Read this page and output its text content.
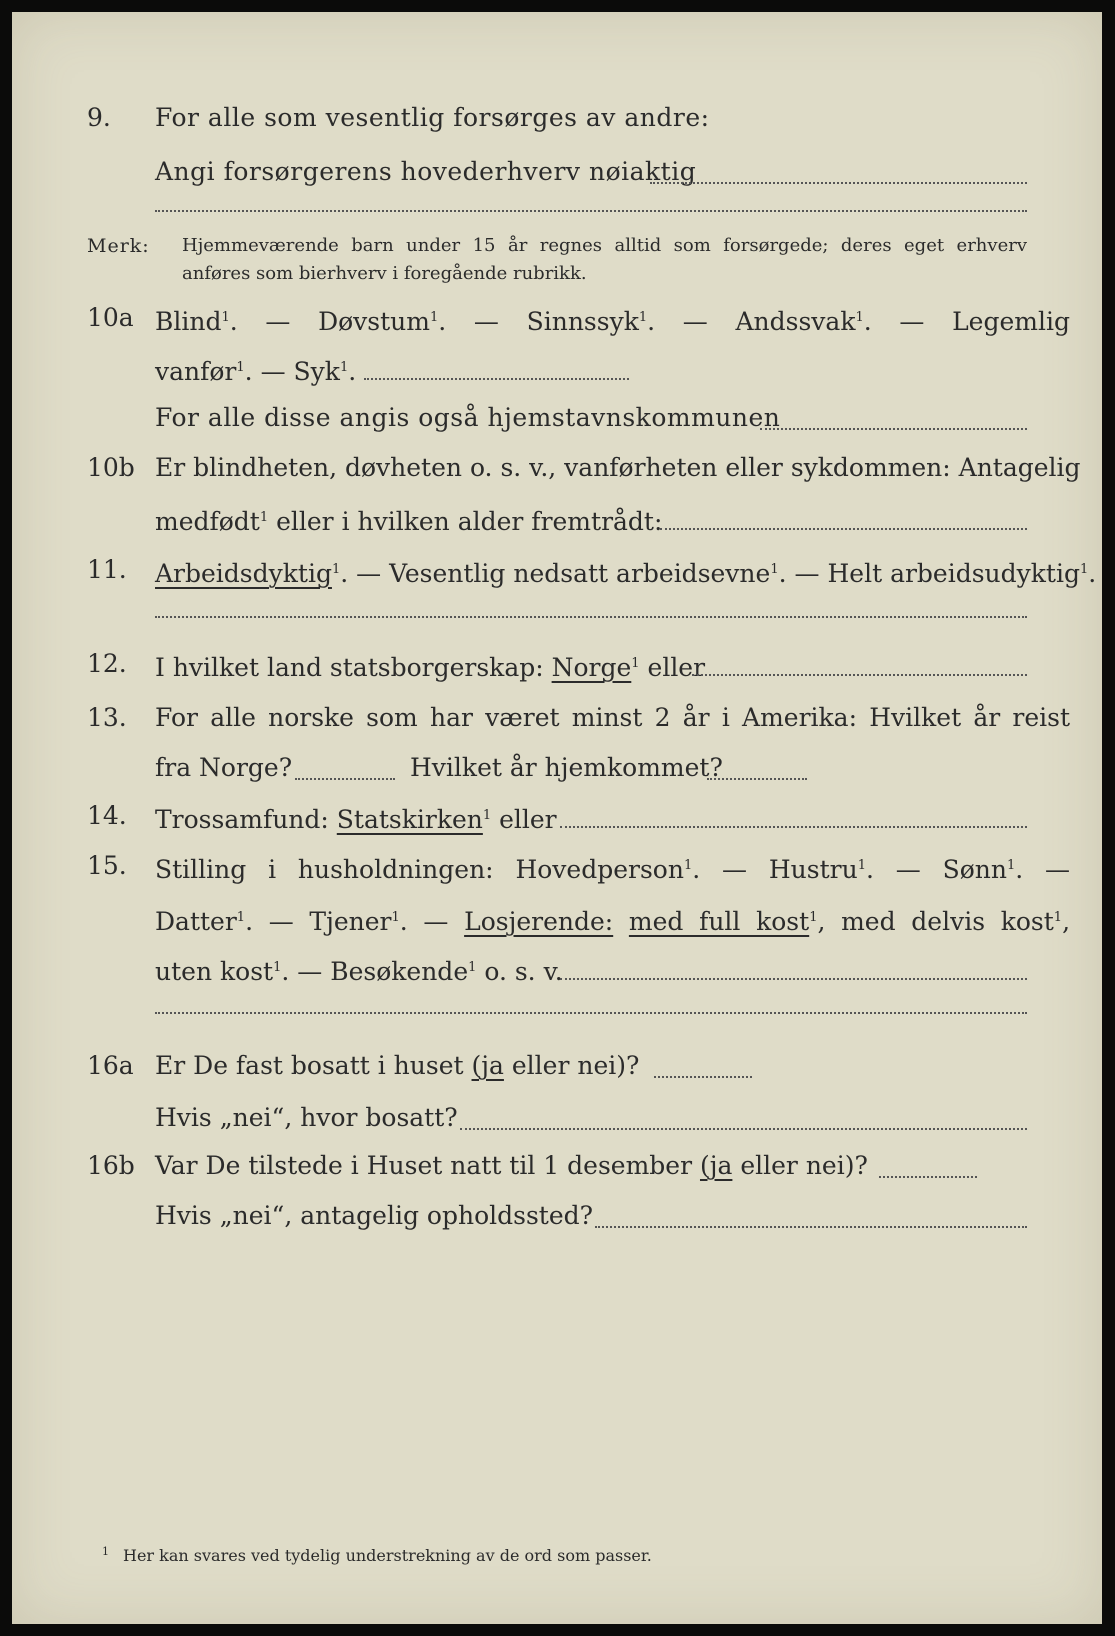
9. For alle som vesentlig forsørges av andre:
Angi forsørgerens hovederhverv nøiaktig
Merk: Hjemmeværende barn under 15 år regnes alltid som forsørgede; deres eget erhverv
anføres som bierhverv i foregående rubrikk.
10a Blind$^1$. — Døvstum$^1$. — Sinnssyk$^1$. — Andssvak$^1$. — Legemlig
vanfør$^1$. — Syk$^1$.
For alle disse angis også hjemstavnskommunen
10b Er blindheten, døvheten o. s. v., vanførheten eller sykdommen: Antagelig
medfødt$^1$ eller i hvilken alder fremtrådt:
11. Arbeidsdyktig$^1$. — Vesentlig nedsatt arbeidsevne$^1$. — Helt arbeidsudyktig$^1$.
12. I hvilket land statsborgerskap: Norge$^1$ eller
13. For alle norske som har været minst 2 år i Amerika: Hvilket år reist
fra Norge?	Hvilket år hjemkommet?
14. Trossamfund: Statskirken$^1$ eller
15. Stilling i husholdningen: Hovedperson$^1$. — Hustru$^1$. — Sønn$^1$. —
Datter$^1$. — Tjener$^1$. — Losjerende: med full kost$^1$, med delvis kost$^1$,
uten kost$^1$. — Besøkende$^1$ o. s. v.
16a Er De fast bosatt i huset (ja eller nei)?
Hvis „nei“, hvor bosatt?
16b Var De tilstede i Huset natt til 1 desember (ja eller nei)?
Hvis „nei“, antagelig opholdssted?
$^1$ Her kan svares ved tydelig understrekning av de ord som passer.
